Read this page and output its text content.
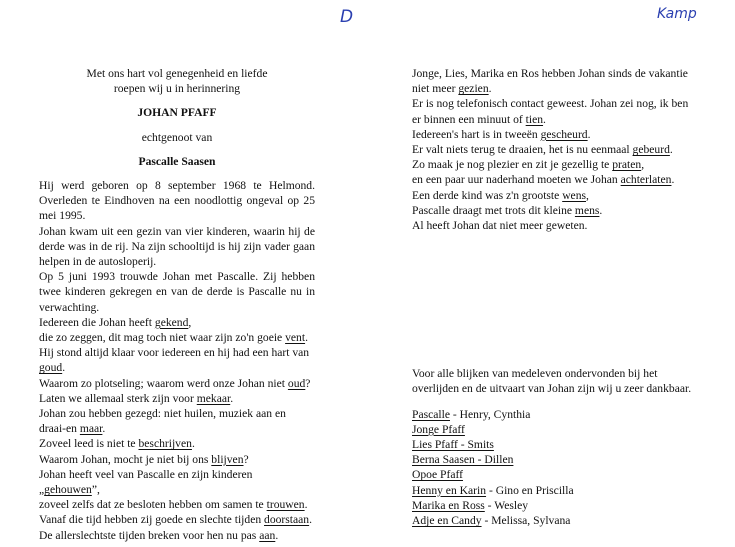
D	Kamp
Met ons hart vol genegenheid en liefde
roepen wij u in herinnering
JOHAN PFAFF
echtgenoot van
Pascalle Saasen
Hij werd geboren op 8 september 1968 te Helmond. Overleden te Eindhoven na een noodlottig ongeval op 25 mei 1995.
Johan kwam uit een gezin van vier kinderen, waarin hij de derde was in de rij. Na zijn schooltijd is hij zijn vader gaan helpen in de autosloperij.
Op 5 juni 1993 trouwde Johan met Pascalle. Zij hebben twee kinderen gekregen en van de derde is Pascalle nu in verwachting.
Iedereen die Johan heeft gekend,
die zo zeggen, dit mag toch niet waar zijn zo'n goeie vent.
Hij stond altijd klaar voor iedereen en hij had een hart van goud.
Waarom zo plotseling; waarom werd onze Johan niet oud?
Laten we allemaal sterk zijn voor mekaar.
Johan zou hebben gezegd: niet huilen, muziek aan en draai-en maar.
Zoveel leed is niet te beschrijven.
Waarom Johan, mocht je niet bij ons blijven?
Johan heeft veel van Pascalle en zijn kinderen „gehouwen”,
zoveel zelfs dat ze besloten hebben om samen te trouwen.
Vanaf die tijd hebben zij goede en slechte tijden doorstaan.
De allerslechtste tijden breken voor hen nu pas aan.
Jonge, Lies, Marika en Ros hebben Johan sinds de vakantie
niet meer gezien.
Er is nog telefonisch contact geweest. Johan zei nog, ik ben
er binnen een minuut of tien.
Iedereen's hart is in tweeën gescheurd.
Er valt niets terug te draaien, het is nu eenmaal gebeurd.
Zo maak je nog plezier en zit je gezellig te praten,
en een paar uur naderhand moeten we Johan achterlaten.
Een derde kind was z'n grootste wens,
Pascalle draagt met trots dit kleine mens.
Al heeft Johan dat niet meer geweten.
Voor alle blijken van medeleven ondervonden bij het overlijden en de uitvaart van Johan zijn wij u zeer dankbaar.
Pascalle - Henry, Cynthia
Jonge Pfaff
Lies Pfaff - Smits
Berna Saasen - Dillen
Opoe Pfaff
Henny en Karin - Gino en Priscilla
Marika en Ross - Wesley
Adje en Candy - Melissa, Sylvana
